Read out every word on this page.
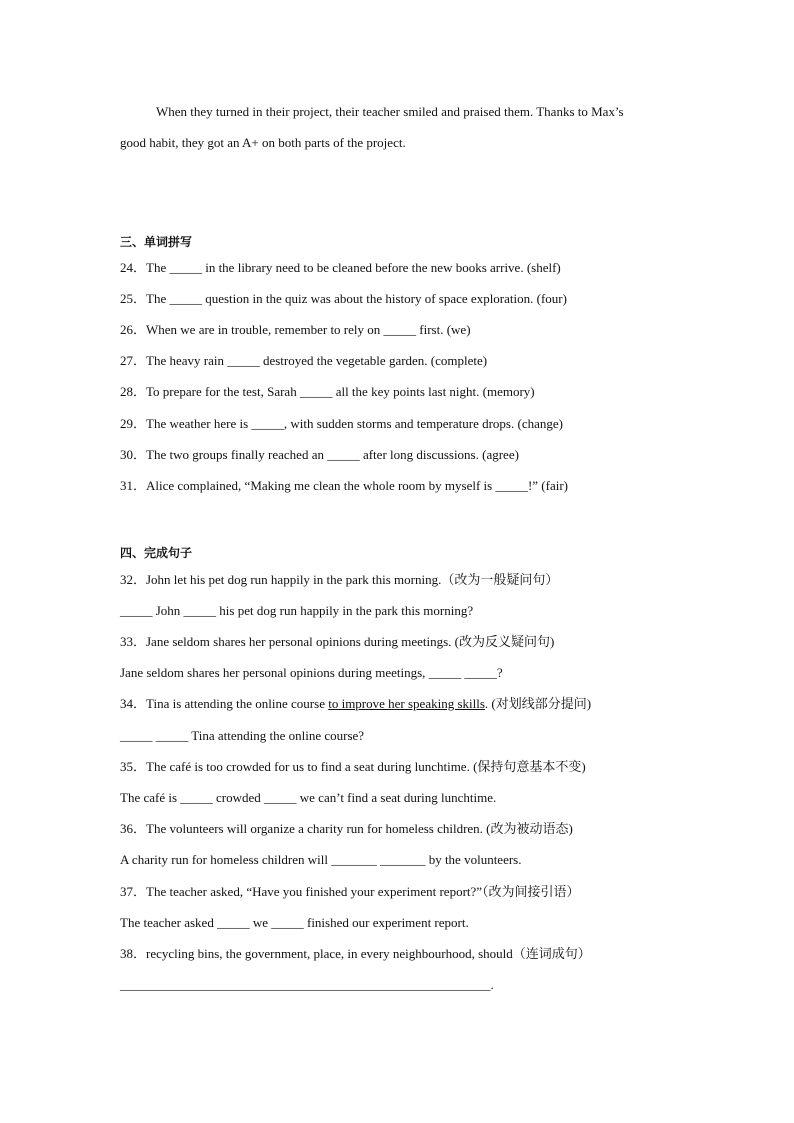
When they turned in their project, their teacher smiled and praised them. Thanks to Max’s
good habit, they got an A+ on both parts of the project.
三、单词拼写
24．The _____ in the library need to be cleaned before the new books arrive. (shelf)
25．The _____ question in the quiz was about the history of space exploration. (four)
26．When we are in trouble, remember to rely on _____ first. (we)
27．The heavy rain _____ destroyed the vegetable garden. (complete)
28．To prepare for the test, Sarah _____ all the key points last night. (memory)
29．The weather here is _____, with sudden storms and temperature drops. (change)
30．The two groups finally reached an _____ after long discussions. (agree)
31．Alice complained, “Making me clean the whole room by myself is _____!” (fair)
四、完成句子
32．John let his pet dog run happily in the park this morning.（改为一般疑问句）
_____ John _____ his pet dog run happily in the park this morning?
33．Jane seldom shares her personal opinions during meetings. (改为反义疑问句)
Jane seldom shares her personal opinions during meetings, _____ _____?
34．Tina is attending the online course to improve her speaking skills. (对划线部分提问)
_____ _____ Tina attending the online course?
35．The café is too crowded for us to find a seat during lunchtime. (保持句意基本不变)
The café is _____ crowded _____ we can’t find a seat during lunchtime.
36．The volunteers will organize a charity run for homeless children. (改为被动语态)
A charity run for homeless children will _______ _______ by the volunteers.
37．The teacher asked, “Have you finished your experiment report?”（改为间接引语）
The teacher asked _____ we _____ finished our experiment report.
38．recycling bins, the government, place, in every neighbourhood, should（连词成句）
_________________________________________________________.
